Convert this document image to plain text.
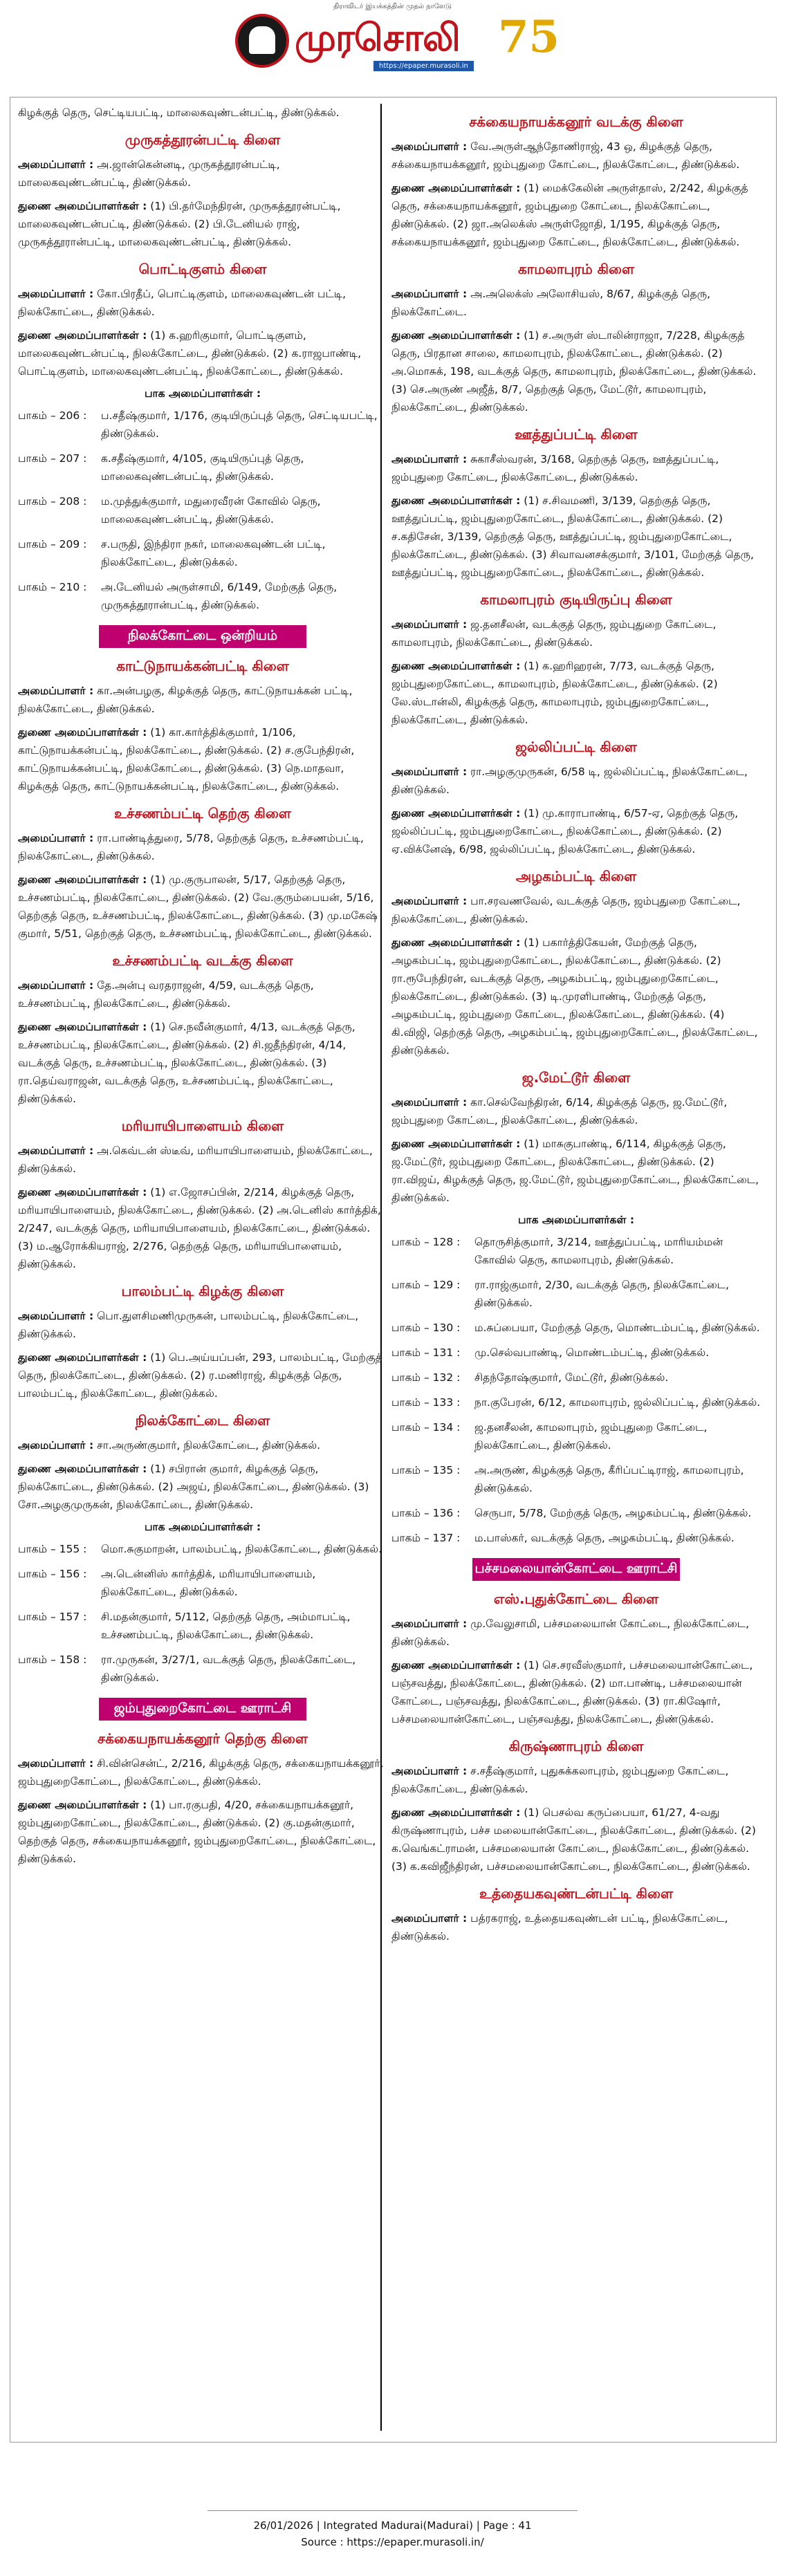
திராவிடர் இயக்கத்தின் முதல் நாளேடு
முரசொலி 75
https://epaper.murasoli.in

கிழக்குத் தெரு, செட்டியபட்டி, மாலைகவுண்டன்பட்டி, திண்டுக்கல்.

முருகத்தூரன்பட்டி கிளை

அமைப்பாளர் : அ.ஜான்கென்னடி, முருகத்தூரன்பட்டி, மாலைகவுண்டன்பட்டி, திண்டுக்கல்.

துணை அமைப்பாளர்கள் : (1) பி.தர்மேந்திரன், முருகத்தூரன்பட்டி, மாலைகவுண்டன்பட்டி, திண்டுக்கல். (2) பி.டேனியல் ராஜ், முருகத்தூரான்பட்டி, மாலைகவுண்டன்பட்டி, திண்டுக்கல்.

பொட்டிகுளம் கிளை

அமைப்பாளர் : கோ.பிரதீப், பொட்டிகுளம், மாலைகவுண்டன் பட்டி, நிலக்கோட்டை, திண்டுக்கல்.

துணை அமைப்பாளர்கள் : (1) க.ஹரிகுமார், பொட்டிகுளம், மாலைகவுண்டன்பட்டி, நிலக்கோட்டை, திண்டுக்கல். (2) க.ராஜபாண்டி, பொட்டிகுளம், மாலைகவுண்டன்பட்டி, நிலக்கோட்டை, திண்டுக்கல்.

பாக அமைப்பாளர்கள் :
பாகம் – 206 :	ப.சதீஷ்குமார், 1/176, குடியிருப்புத் தெரு, செட்டியபட்டி, திண்டுக்கல்.
பாகம் – 207 :	க.சதீஷ்குமார், 4/105, குடியிருப்புத் தெரு, மாலைகவுண்டன்பட்டி, திண்டுக்கல்.
பாகம் – 208 :	ம.முத்துக்குமார், மதுரைவீரன் கோவில் தெரு, மாலைகவுண்டன்பட்டி, திண்டுக்கல்.
பாகம் – 209 :	ச.பருதி, இந்திரா நகர், மாலைகவுண்டன் பட்டி, நிலக்கோட்டை, திண்டுக்கல்.
பாகம் – 210 :	அ.டேனியல் அருள்சாமி, 6/149, மேற்குத் தெரு, முருகத்தூரான்பட்டி, திண்டுக்கல்.
நிலக்கோட்டை ஒன்றியம்
காட்டுநாயக்கன்பட்டி கிளை

அமைப்பாளர் : கா.அன்பழகு, கிழக்குத் தெரு, காட்டுநாயக்கன் பட்டி, நிலக்கோட்டை, திண்டுக்கல்.

துணை அமைப்பாளர்கள் : (1) கா.கார்த்திக்குமார், 1/106, காட்டுநாயக்கன்பட்டி, நிலக்கோட்டை, திண்டுக்கல். (2) ச.குபேந்திரன், காட்டுநாயக்கன்பட்டி, நிலக்கோட்டை, திண்டுக்கல். (3) நெ.மாதவா, கிழக்குத் தெரு, காட்டுநாயக்கன்பட்டி, நிலக்கோட்டை, திண்டுக்கல்.

உச்சணம்பட்டி தெற்கு கிளை

அமைப்பாளர் : ரா.பாண்டித்துரை, 5/78, தெற்குத் தெரு, உச்சணம்பட்டி, நிலக்கோட்டை, திண்டுக்கல்.

துணை அமைப்பாளர்கள் : (1) மு.குருபாலன், 5/17, தெற்குத் தெரு, உச்சணம்பட்டி, நிலக்கோட்டை, திண்டுக்கல். (2) வே.குரும்பையன், 5/16, தெற்குத் தெரு, உச்சணம்பட்டி, நிலக்கோட்டை, திண்டுக்கல். (3) மு.மகேஷ் குமார், 5/51, தெற்குத் தெரு, உச்சணம்பட்டி, நிலக்கோட்டை, திண்டுக்கல்.

உச்சணம்பட்டி வடக்கு கிளை

அமைப்பாளர் : தே.அன்பு வரதராஜன், 4/59, வடக்குத் தெரு, உச்சணம்பட்டி, நிலக்கோட்டை, திண்டுக்கல்.

துணை அமைப்பாளர்கள் : (1) செ.நவீன்குமார், 4/13, வடக்குத் தெரு, உச்சணம்பட்டி, நிலக்கோட்டை, திண்டுக்கல். (2) சி.ஜதீந்திரன், 4/14, வடக்குத் தெரு, உச்சணம்பட்டி, நிலக்கோட்டை, திண்டுக்கல். (3) ரா.தெய்வராஜன், வடக்குத் தெரு, உச்சணம்பட்டி, நிலக்கோட்டை, திண்டுக்கல்.

மரியாயிபாளையம் கிளை

அமைப்பாளர் : அ.கெவ்டன் ஸ்டீவ், மரியாயிபாளையம், நிலக்கோட்டை, திண்டுக்கல்.

துணை அமைப்பாளர்கள் : (1) எ.ஜோசப்பின், 2/214, கிழக்குத் தெரு, மரியாயிபாளையம், நிலக்கோட்டை, திண்டுக்கல். (2) அ.டெனிஸ் கார்த்திக், 2/247, வடக்குத் தெரு, மரியாயிபாளையம், நிலக்கோட்டை, திண்டுக்கல். (3) ம.ஆரோக்கியராஜ், 2/276, தெற்குத் தெரு, மரியாயிபாளையம், திண்டுக்கல்.

பாலம்பட்டி கிழக்கு கிளை

அமைப்பாளர் : பொ.துளசிமணிமுருகன், பாலம்பட்டி, நிலக்கோட்டை, திண்டுக்கல்.

துணை அமைப்பாளர்கள் : (1) பெ.அய்யப்பன், 293, பாலம்பட்டி, மேற்குத் தெரு, நிலக்கோட்டை, திண்டுக்கல். (2) ர.மணிராஜ், கிழக்குத் தெரு, பாலம்பட்டி, நிலக்கோட்டை, திண்டுக்கல்.

நிலக்கோட்டை கிளை

அமைப்பாளர் : சா.அருண்குமார், நிலக்கோட்டை, திண்டுக்கல்.

துணை அமைப்பாளர்கள் : (1) சபிரான் குமார், கிழக்குத் தெரு, நிலக்கோட்டை, திண்டுக்கல். (2) அஜய், நிலக்கோட்டை, திண்டுக்கல். (3) சோ.அழகுமுருகன், நிலக்கோட்டை, திண்டுக்கல்.

பாக அமைப்பாளர்கள் :
பாகம் – 155 :	மொ.சுகுமாறன், பாலம்பட்டி, நிலக்கோட்டை, திண்டுக்கல்.
பாகம் – 156 :	அ.டென்னிஸ் கார்த்திக், மரியாயிபாளையம், நிலக்கோட்டை, திண்டுக்கல்.
பாகம் – 157 :	சி.மதன்குமார், 5/112, தெற்குத் தெரு, அம்மாபட்டி, உச்சணம்பட்டி, நிலக்கோட்டை, திண்டுக்கல்.
பாகம் – 158 :	ரா.முருகன், 3/27/1, வடக்குத் தெரு, நிலக்கோட்டை, திண்டுக்கல்.
ஜம்புதுறைகோட்டை ஊராட்சி
சக்கையநாயக்கனூர் தெற்கு கிளை

அமைப்பாளர் : சி.வின்சென்ட், 2/216, கிழக்குத் தெரு, சக்கையநாயக்கனூர், ஜம்புதுறைகோட்டை, நிலக்கோட்டை, திண்டுக்கல்.

துணை அமைப்பாளர்கள் : (1) பா.ரகுபதி, 4/20, சக்கையநாயக்கனூர், ஜம்புதுறைகோட்டை, நிலக்கோட்டை, திண்டுக்கல். (2) கு.மதன்குமார், தெற்குத் தெரு, சக்கையநாயக்கனூர், ஜம்புதுறைகோட்டை, நிலக்கோட்டை, திண்டுக்கல்.

சக்கையநாயக்கனூர் வடக்கு கிளை

அமைப்பாளர் : வே.அருள்ஆந்தோணிராஜ், 43 ஒ, கிழக்குத் தெரு, சக்கையநாயக்கனூர், ஜம்புதுறை கோட்டை, நிலக்கோட்டை, திண்டுக்கல்.

துணை அமைப்பாளர்கள் : (1) மைக்கேலின் அருள்தாஸ், 2/242, கிழக்குத் தெரு, சக்கையநாயக்கனூர், ஜம்புதுறை கோட்டை, நிலக்கோட்டை, திண்டுக்கல். (2) ஜா.அலெக்ஸ் அருள்ஜோதி, 1/195, கிழக்குத் தெரு, சக்கையநாயக்கனூர், ஜம்புதுறை கோட்டை, நிலக்கோட்டை, திண்டுக்கல்.

காமலாபுரம் கிளை

அமைப்பாளர் : அ.அலெக்ஸ் அலோசியஸ், 8/67, கிழக்குத் தெரு, நிலக்கோட்டை.

துணை அமைப்பாளர்கள் : (1) ச.அருள் ஸ்டாலின்ராஜா, 7/228, கிழக்குத் தெரு, பிரதான சாலை, காமலாபுரம், நிலக்கோட்டை, திண்டுக்கல். (2) அ.மொசுக், 198, வடக்குத் தெரு, காமலாபுரம், நிலக்கோட்டை, திண்டுக்கல். (3) செ.அருண் அஜீத், 8/7, தெற்குத் தெரு, மேட்டூர், காமலாபுரம், நிலக்கோட்டை, திண்டுக்கல்.

ஊத்துப்பட்டி கிளை

அமைப்பாளர் : சுகாசீஸ்வரன், 3/168, தெற்குத் தெரு, ஊத்துப்பட்டி, ஜம்புதுறை கோட்டை, நிலக்கோட்டை, திண்டுக்கல்.

துணை அமைப்பாளர்கள் : (1) ச.சிவமணி, 3/139, தெற்குத் தெரு, ஊத்துப்பட்டி, ஜம்புதுறைகோட்டை, நிலக்கோட்டை, திண்டுக்கல். (2) ச.கதிசேன், 3/139, தெற்குத் தெரு, ஊத்துப்பட்டி, ஜம்புதுறைகோட்டை, நிலக்கோட்டை, திண்டுக்கல். (3) சிவாவனசக்குமார், 3/101, மேற்குத் தெரு, ஊத்துப்பட்டி, ஜம்புதுறைகோட்டை, நிலக்கோட்டை, திண்டுக்கல்.

காமலாபுரம் குடியிருப்பு கிளை

அமைப்பாளர் : ஜ.தனசீலன், வடக்குத் தெரு, ஜம்புதுறை கோட்டை, காமலாபுரம், நிலக்கோட்டை, திண்டுக்கல்.

துணை அமைப்பாளர்கள் : (1) க.ஹரிஹரன், 7/73, வடக்குத் தெரு, ஜம்புதுறைகோட்டை, காமலாபுரம், நிலக்கோட்டை, திண்டுக்கல். (2) லே.ஸ்டான்லி, கிழக்குத் தெரு, காமலாபுரம், ஜம்புதுறைகோட்டை, நிலக்கோட்டை, திண்டுக்கல்.

ஜல்லிப்பட்டி கிளை

அமைப்பாளர் : ரா.அழகுமுருகன், 6/58 டி, ஜல்லிப்பட்டி, நிலக்கோட்டை, திண்டுக்கல்.

துணை அமைப்பாளர்கள் : (1) மு.காராபாண்டி, 6/57-ஏ, தெற்குத் தெரு, ஜல்லிப்பட்டி, ஜம்புதுறைகோட்டை, நிலக்கோட்டை, திண்டுக்கல். (2) ஏ.விக்னேஷ், 6/98, ஜல்லிப்பட்டி, நிலக்கோட்டை, திண்டுக்கல்.

அழகம்பட்டி கிளை

அமைப்பாளர் : பா.சரவணவேல், வடக்குத் தெரு, ஜம்புதுறை கோட்டை, நிலக்கோட்டை, திண்டுக்கல்.

துணை அமைப்பாளர்கள் : (1) பகார்த்திகேயன், மேற்குத் தெரு, அழகம்பட்டி, ஜம்புதுறைகோட்டை, நிலக்கோட்டை, திண்டுக்கல். (2) ரா.ரூபேந்திரன், வடக்குத் தெரு, அழகம்பட்டி, ஜம்புதுறைகோட்டை, நிலக்கோட்டை, திண்டுக்கல். (3) டி.முரளிபாண்டி, மேற்குத் தெரு, அழகம்பட்டி, ஜம்புதுறை கோட்டை, நிலக்கோட்டை, திண்டுக்கல். (4) கி.விஜி, தெற்குத் தெரு, அழகம்பட்டி, ஜம்புதுறைகோட்டை, நிலக்கோட்டை, திண்டுக்கல்.

ஜ.மேட்டூர் கிளை

அமைப்பாளர் : கா.செல்வேந்திரன், 6/14, கிழக்குத் தெரு, ஜ.மேட்டூர், ஜம்புதுறை கோட்டை, நிலக்கோட்டை, திண்டுக்கல்.

துணை அமைப்பாளர்கள் : (1) மாசுகுபாண்டி, 6/114, கிழக்குத் தெரு, ஜ.மேட்டூர், ஜம்புதுறை கோட்டை, நிலக்கோட்டை, திண்டுக்கல். (2) ரா.விஜய், கிழக்குத் தெரு, ஜ.மேட்டூர், ஜம்புதுறைகோட்டை, நிலக்கோட்டை, திண்டுக்கல்.

பாக அமைப்பாளர்கள் :
பாகம் – 128 :	தொருசித்குமார், 3/214, ஊத்துப்பட்டி, மாரியம்மன் கோவில் தெரு, காமலாபுரம், திண்டுக்கல்.
பாகம் – 129 :	ரா.ராஜ்குமார், 2/30, வடக்குத் தெரு, நிலக்கோட்டை, திண்டுக்கல்.
பாகம் – 130 :	ம.சுப்பையா, மேற்குத் தெரு, மொண்டம்பட்டி, திண்டுக்கல்.
பாகம் – 131 :	மு.செல்வபாண்டி, மொண்டம்பட்டி, திண்டுக்கல்.
பாகம் – 132 :	சிதந்தோஷ்குமார், மேட்டூர், திண்டுக்கல்.
பாகம் – 133 :	நா.குபேரன், 6/12, காமலாபுரம், ஜல்லிப்பட்டி, திண்டுக்கல்.
பாகம் – 134 :	ஜ.தனசீலன், காமலாபுரம், ஜம்புதுறை கோட்டை, நிலக்கோட்டை, திண்டுக்கல்.
பாகம் – 135 :	அ.அருண், கிழக்குத் தெரு, கீரிப்பட்டிராஜ், காமலாபுரம், திண்டுக்கல்.
பாகம் – 136 :	செருபா, 5/78, மேற்குத் தெரு, அழகம்பட்டி, திண்டுக்கல்.
பாகம் – 137 :	ம.பாஸ்கர், வடக்குத் தெரு, அழகம்பட்டி, திண்டுக்கல்.
பச்சமலையான்கோட்டை ஊராட்சி
எஸ்.புதுக்கோட்டை கிளை

அமைப்பாளர் : மு.வேலுசாமி, பச்சமலையான் கோட்டை, நிலக்கோட்டை, திண்டுக்கல்.

துணை அமைப்பாளர்கள் : (1) செ.சரவீஸ்குமார், பச்சமலையான்கோட்டை, பஞ்சவத்து, நிலக்கோட்டை, திண்டுக்கல். (2) மா.பாண்டி, பச்சமலையான் கோட்டை, பஞ்சவத்து, நிலக்கோட்டை, திண்டுக்கல். (3) ரா.கிஷோர், பச்சமலையான்கோட்டை, பஞ்சவத்து, நிலக்கோட்டை, திண்டுக்கல்.

கிருஷ்ணாபுரம் கிளை

அமைப்பாளர் : ச.சதீஷ்குமார், புதுசுக்கலாபுரம், ஜம்புதுறை கோட்டை, நிலக்கோட்டை, திண்டுக்கல்.

துணை அமைப்பாளர்கள் : (1) பெசல்வ கருப்பையா, 61/27, 4-வது கிருஷ்ணாபுரம், பச்ச மலையான்கோட்டை, நிலக்கோட்டை, திண்டுக்கல். (2) க.வெங்கட்ராமன், பச்சமலையான் கோட்டை, நிலக்கோட்டை, திண்டுக்கல். (3) க.கவிஜீந்திரன், பச்சமலையான்கோட்டை, நிலக்கோட்டை, திண்டுக்கல்.

உத்தையகவுண்டன்பட்டி கிளை

அமைப்பாளர் : பத்ரகராஜ், உத்தையகவுண்டன் பட்டி, நிலக்கோட்டை, திண்டுக்கல்.

26/01/2026 | Integrated Madurai(Madurai) | Page : 41
Source : https://epaper.murasoli.in/
